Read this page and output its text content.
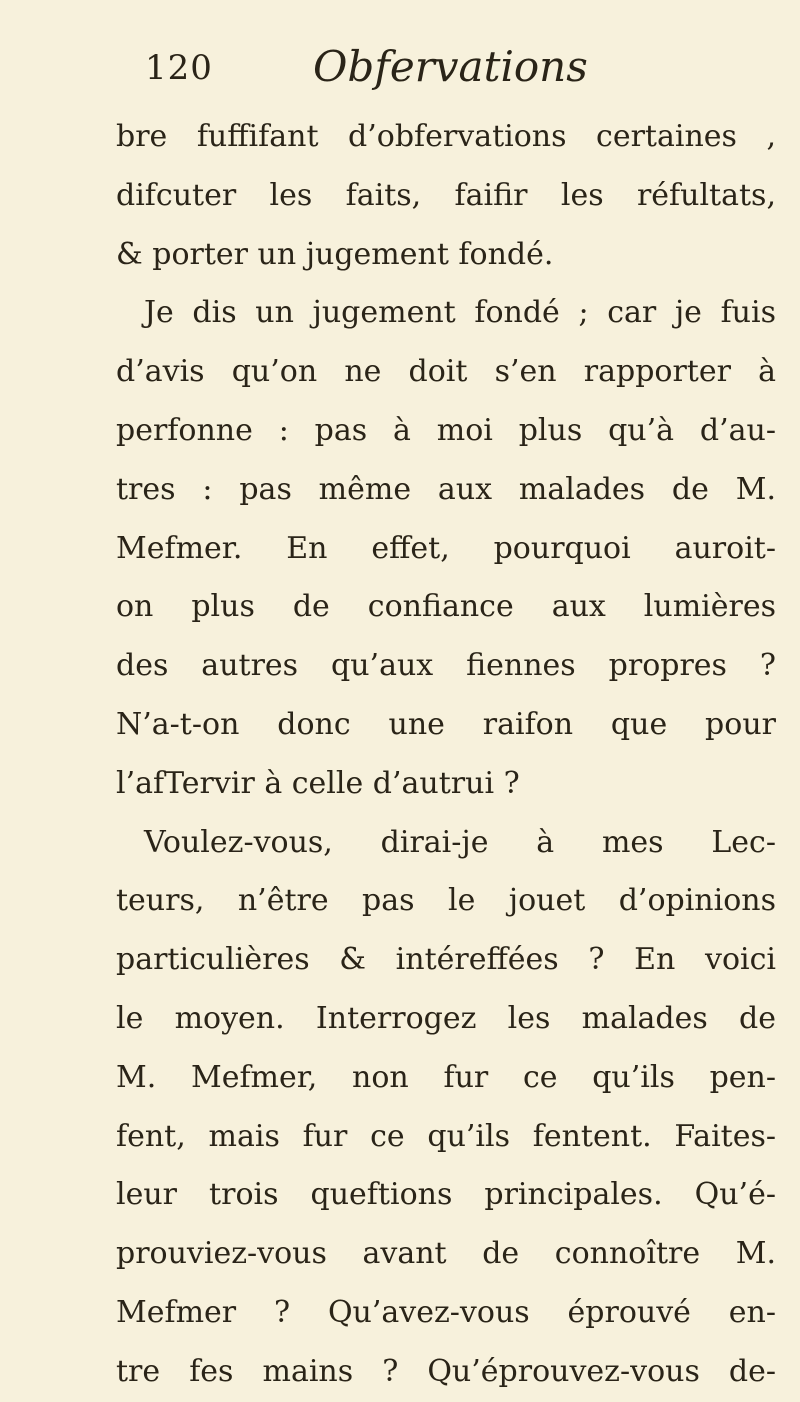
120 Obfervations
bre fuffifant d’obfervations certaines ,
difcuter les faits, faifir les réfultats,
& porter un jugement fondé.
Je dis un jugement fondé ; car je fuis
d’avis qu’on ne doit s’en rapporter à
perfonne : pas à moi plus qu’à d’au-
tres : pas même aux malades de M.
Mefmer. En effet, pourquoi auroit-
on plus de confiance aux lumières
des autres qu’aux fiennes propres ?
N’a-t-on donc une raifon que pour
l’afTervir à celle d’autrui ?
Voulez-vous, dirai-je à mes Lec-
teurs, n’être pas le jouet d’opinions
particulières & intéreffées ? En voici
le moyen. Interrogez les malades de
M. Mefmer, non fur ce qu’ils pen-
fent, mais fur ce qu’ils fentent. Faites-
leur trois queftions principales. Qu’é-
prouviez-vous avant de connoître M.
Mefmer ? Qu’avez-vous éprouvé en-
tre fes mains ? Qu’éprouvez-vous de-
